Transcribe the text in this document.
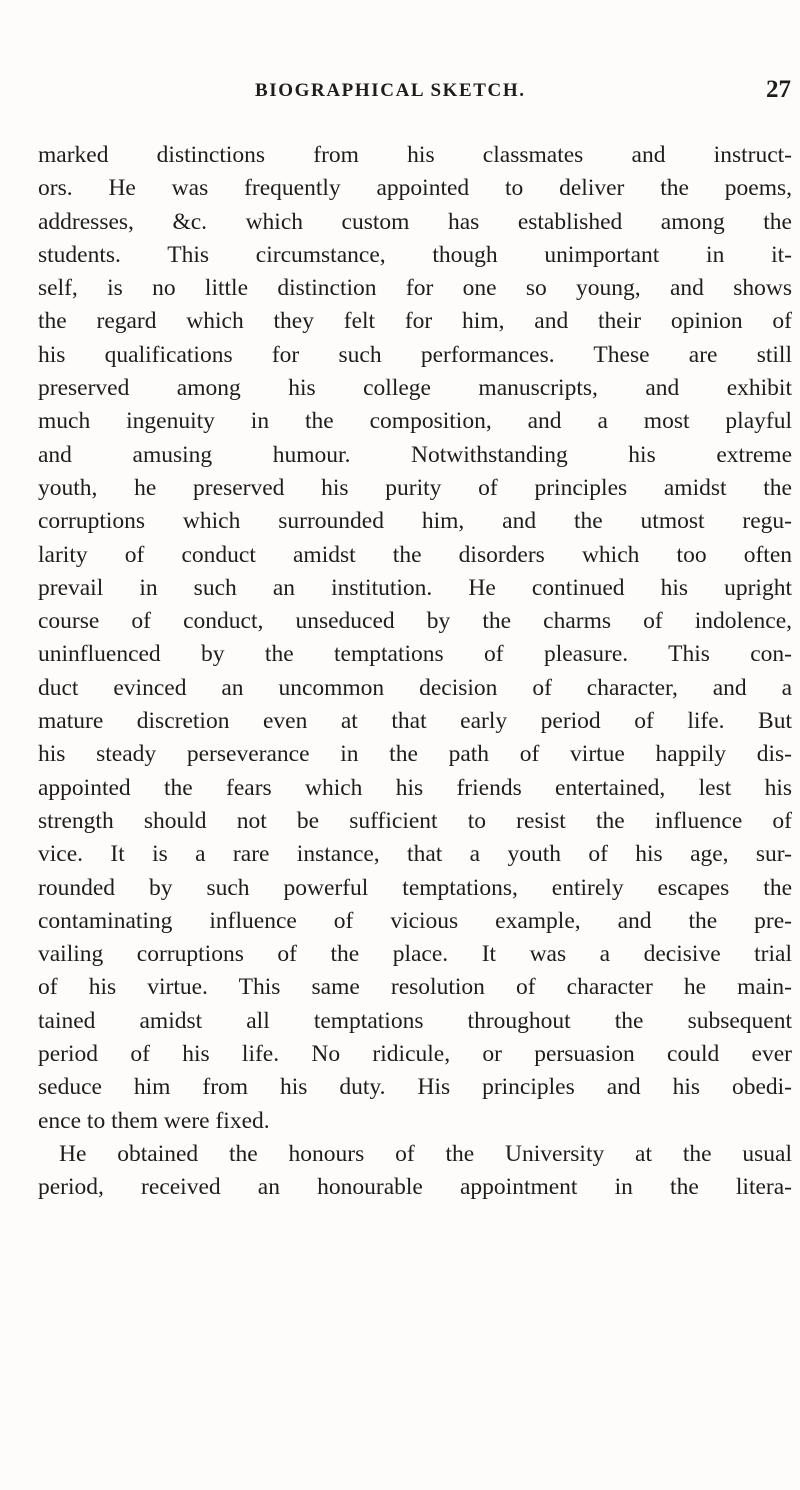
BIOGRAPHICAL SKETCH.	27
marked distinctions from his classmates and instruct-
ors. He was frequently appointed to deliver the poems,
addresses, &c. which custom has established among the
students. This circumstance, though unimportant in it-
self, is no little distinction for one so young, and shows
the regard which they felt for him, and their opinion of
his qualifications for such performances. These are still
preserved among his college manuscripts, and exhibit
much ingenuity in the composition, and a most playful
and amusing humour. Notwithstanding his extreme
youth, he preserved his purity of principles amidst the
corruptions which surrounded him, and the utmost regu-
larity of conduct amidst the disorders which too often
prevail in such an institution. He continued his upright
course of conduct, unseduced by the charms of indolence,
uninfluenced by the temptations of pleasure. This con-
duct evinced an uncommon decision of character, and a
mature discretion even at that early period of life. But
his steady perseverance in the path of virtue happily dis-
appointed the fears which his friends entertained, lest his
strength should not be sufficient to resist the influence of
vice. It is a rare instance, that a youth of his age, sur-
rounded by such powerful temptations, entirely escapes the
contaminating influence of vicious example, and the pre-
vailing corruptions of the place. It was a decisive trial
of his virtue. This same resolution of character he main-
tained amidst all temptations throughout the subsequent
period of his life. No ridicule, or persuasion could ever
seduce him from his duty. His principles and his obedi-
ence to them were fixed.
He obtained the honours of the University at the usual
period, received an honourable appointment in the litera-
